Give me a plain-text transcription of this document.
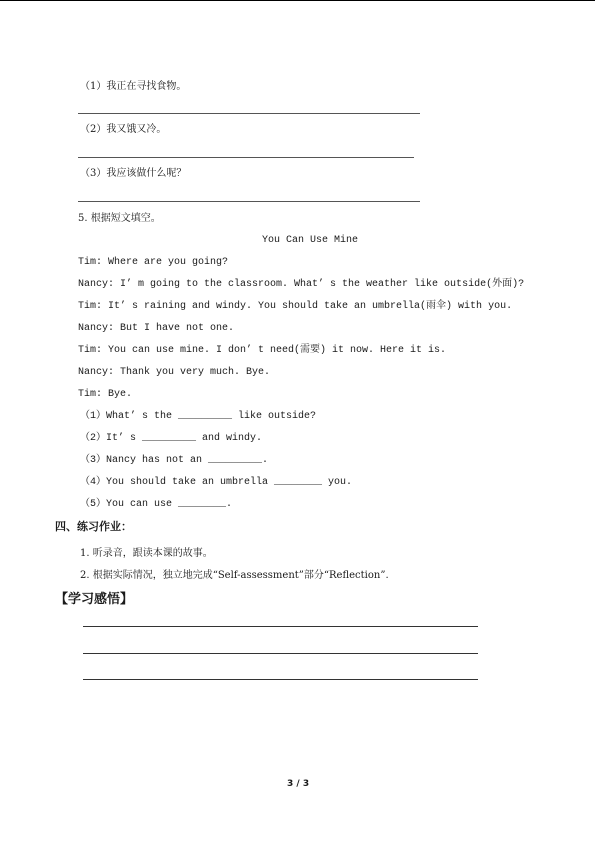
（1）我正在寻找食物。
（2）我又饿又冷。
（3）我应该做什么呢？
5. 根据短文填空。
You Can Use Mine
Tim: Where are you going?
Nancy: I’ m going to the classroom. What’ s the weather like outside(外面)?
Tim: It’ s raining and windy. You should take an umbrella(雨伞) with you.
Nancy: But I have not one.
Tim: You can use mine. I don’ t need(需要) it now. Here it is.
Nancy: Thank you very much. Bye.
Tim: Bye.
（1）What’ s the _________ like outside?
（2）It’ s _________ and windy.
（3）Nancy has not an _________.
（4）You should take an umbrella ________ you.
（5）You can use ________.
四、练习作业：
1. 听录音，跟读本课的故事。
2. 根据实际情况，独立地完成“Self-assessment”部分“Reflection”.
【学习感悟】
3 / 3
